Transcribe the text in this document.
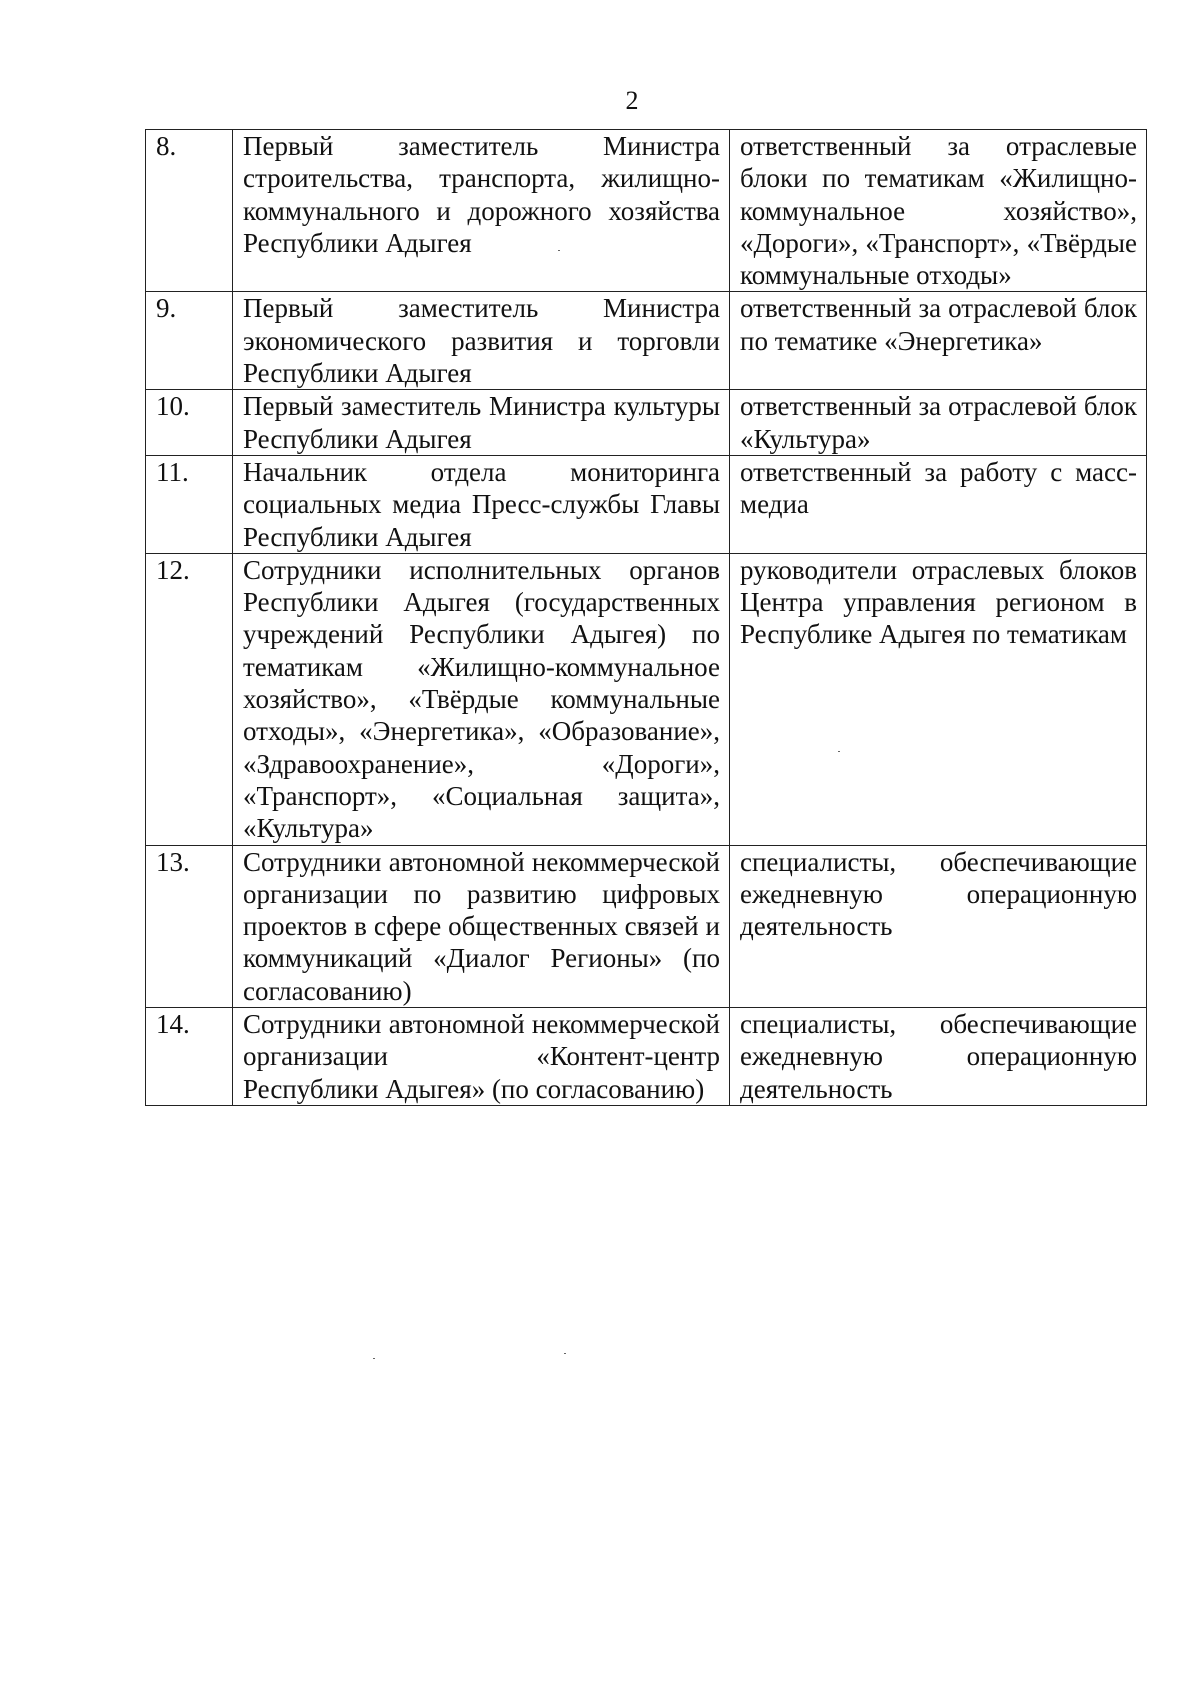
2
8.	Первый заместитель Министра строительства, транспорта, жилищно-коммунального и дорожного хозяйства Республики Адыгея	ответственный за отраслевые блоки по тематикам «Жилищно-коммунальное хозяйство», «Дороги», «Транспорт», «Твёрдые коммунальные отходы»
9.	Первый заместитель Министра экономического развития и торговли Республики Адыгея	ответственный за отраслевой блок по тематике «Энергетика»
10.	Первый заместитель Министра культуры Республики Адыгея	ответственный за отраслевой блок «Культура»
11.	Начальник отдела мониторинга социальных медиа Пресс-службы Главы Республики Адыгея	ответственный за работу с масс-медиа
12.	Сотрудники исполнительных органов Республики Адыгея (государственных учреждений Республики Адыгея) по тематикам «Жилищно-коммунальное хозяйство», «Твёрдые коммунальные отходы», «Энергетика», «Образование», «Здравоохранение», «Дороги», «Транспорт», «Социальная защита», «Культура»	руководители отраслевых блоков Центра управления регионом в Республике Адыгея по тематикам
13.	Сотрудники автономной некоммерческой организации по развитию цифровых проектов в сфере общественных связей и коммуникаций «Диалог Регионы» (по согласованию)	специалисты, обеспечивающие ежедневную операционную деятельность
14.	Сотрудники автономной некоммерческой организации «Контент-центр Республики Адыгея» (по согласованию)	специалисты, обеспечивающие ежедневную операционную деятельность
